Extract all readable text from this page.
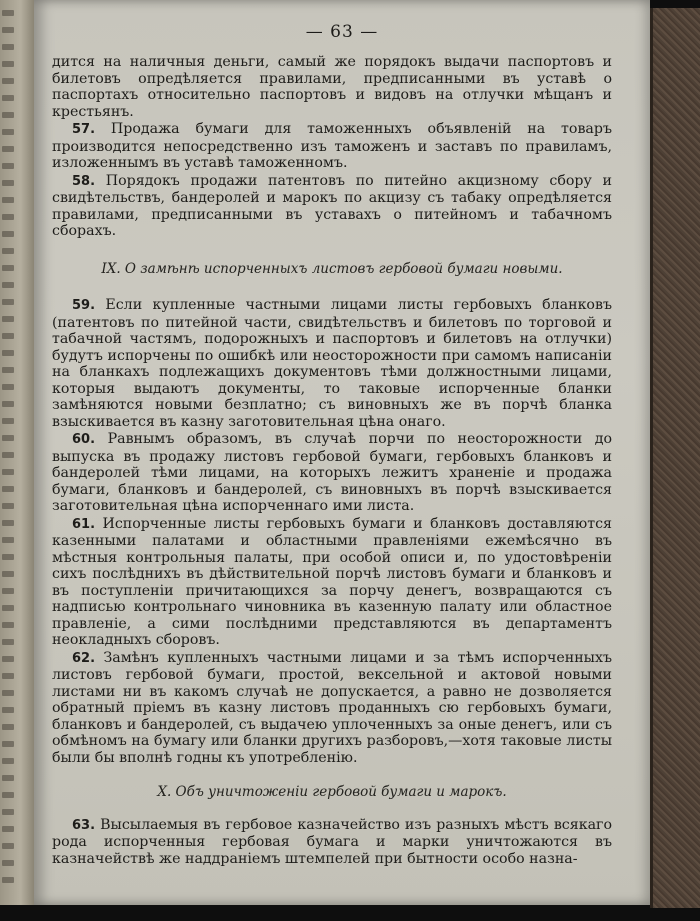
— 63 —
дится на наличныя деньги, самый же порядокъ выдачи паспортовъ и билетовъ опредѣляется правилами, предписанными въ уставѣ о паспортахъ относительно паспортовъ и видовъ на отлучки мѣщанъ и крестьянъ.
57. Продажа бумаги для таможенныхъ объявленій на товаръ производится непосредственно изъ таможенъ и заставъ по правиламъ, изложеннымъ въ уставѣ таможенномъ.
58. Порядокъ продажи патентовъ по питейно акцизному сбору и свидѣтельствъ, бандеролей и марокъ по акцизу съ табаку опредѣляется правилами, предписанными въ уставахъ о питейномъ и табачномъ сборахъ.
IX. О замѣнѣ испорченныхъ листовъ гербовой бумаги новыми.
59. Если купленные частными лицами листы гербовыхъ бланковъ (патентовъ по питейной части, свидѣтельствъ и билетовъ по торговой и табачной частямъ, подорожныхъ и паспортовъ и билетовъ на отлучки) будутъ испорчены по ошибкѣ или неосторожности при самомъ написаніи на бланкахъ подлежащихъ документовъ тѣми должностными лицами, которыя выдаютъ документы, то таковые испорченные бланки замѣняются новыми безплатно; съ виновныхъ же въ порчѣ бланка взыскивается въ казну заготовительная цѣна онаго.
60. Равнымъ образомъ, въ случаѣ порчи по неосторожности до выпуска въ продажу листовъ гербовой бумаги, гербовыхъ бланковъ и бандеролей тѣми лицами, на которыхъ лежитъ храненіе и продажа бумаги, бланковъ и бандеролей, съ виновныхъ въ порчѣ взыскивается заготовительная цѣна испорченнаго ими листа.
61. Испорченные листы гербовыхъ бумаги и бланковъ доставляются казенными палатами и областными правленіями ежемѣсячно въ мѣстныя контрольныя палаты, при особой описи и, по удостовѣреніи сихъ послѣднихъ въ дѣйствительной порчѣ листовъ бумаги и бланковъ и въ поступленіи причитающихся за порчу денегъ, возвращаются съ надписью контрольнаго чиновника въ казенную палату или областное правленіе, а сими послѣдними представляются въ департаментъ неокладныхъ сборовъ.
62. Замѣнъ купленныхъ частными лицами и за тѣмъ испорченныхъ листовъ гербовой бумаги, простой, вексельной и актовой новыми листами ни въ какомъ случаѣ не допускается, а равно не дозволяется обратный пріемъ въ казну листовъ проданныхъ сю гербовыхъ бумаги, бланковъ и бандеролей, съ выдачею уплоченныхъ за оные денегъ, или съ обмѣномъ на бумагу или бланки другихъ разборовъ,—хотя таковые листы были бы вполнѣ годны къ употребленію.
X. Объ уничтоженіи гербовой бумаги и марокъ.
63. Высылаемыя въ гербовое казначейство изъ разныхъ мѣстъ всякаго рода испорченныя гербовая бумага и марки уничтожаются въ казначействѣ же наддраніемъ штемпелей при бытности особо назна-
